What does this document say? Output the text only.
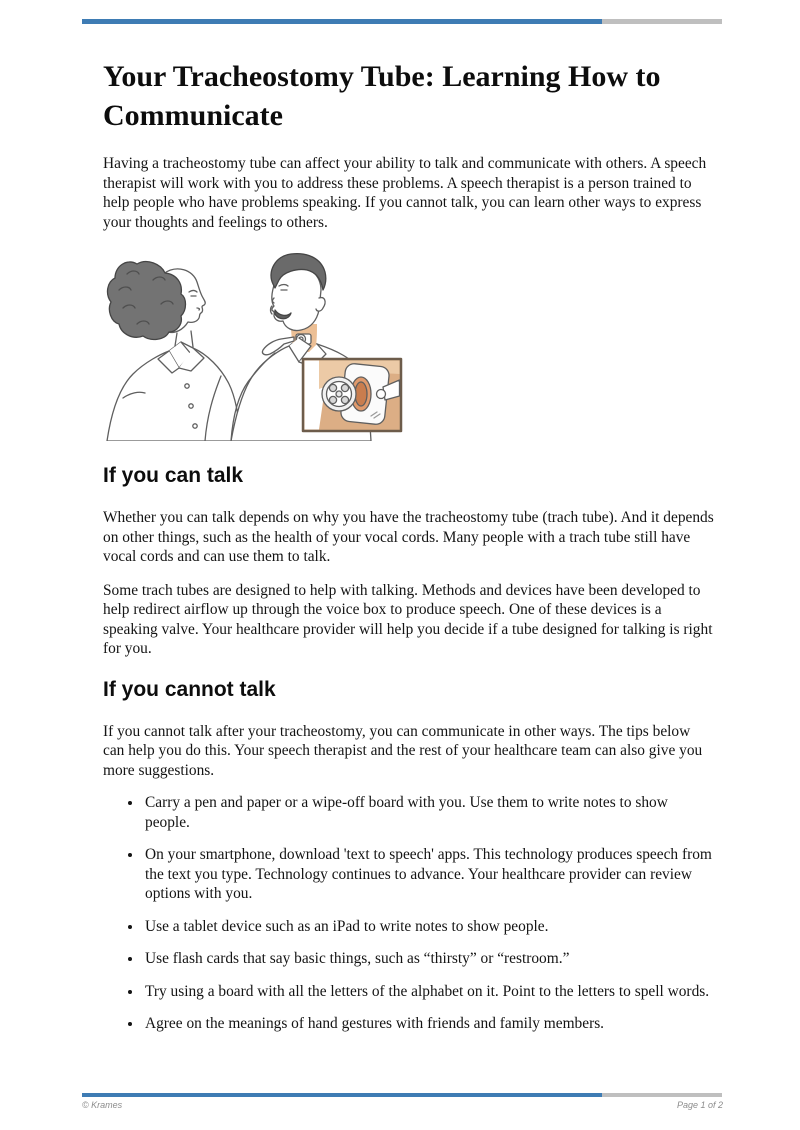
Your Tracheostomy Tube: Learning How to Communicate

Having a tracheostomy tube can affect your ability to talk and communicate with others. A speech therapist will work with you to address these problems. A speech therapist is a person trained to help people who have problems speaking. If you cannot talk, you can learn other ways to express your thoughts and feelings to others.

If you can talk

Whether you can talk depends on why you have the tracheostomy tube (trach tube). And it depends on other things, such as the health of your vocal cords. Many people with a trach tube still have vocal cords and can use them to talk.

Some trach tubes are designed to help with talking. Methods and devices have been developed to help redirect airflow up through the voice box to produce speech. One of these devices is a speaking valve. Your healthcare provider will help you decide if a tube designed for talking is right for you.

If you cannot talk

If you cannot talk after your tracheostomy, you can communicate in other ways. The tips below can help you do this. Your speech therapist and the rest of your healthcare team can also give you more suggestions.

• Carry a pen and paper or a wipe-off board with you. Use them to write notes to show people.
• On your smartphone, download 'text to speech' apps. This technology produces speech from the text you type. Technology continues to advance. Your healthcare provider can review options with you.
• Use a tablet device such as an iPad to write notes to show people.
• Use flash cards that say basic things, such as “thirsty” or “restroom.”
• Try using a board with all the letters of the alphabet on it. Point to the letters to spell words.
• Agree on the meanings of hand gestures with friends and family members.
© Krames	Page 1 of 2
